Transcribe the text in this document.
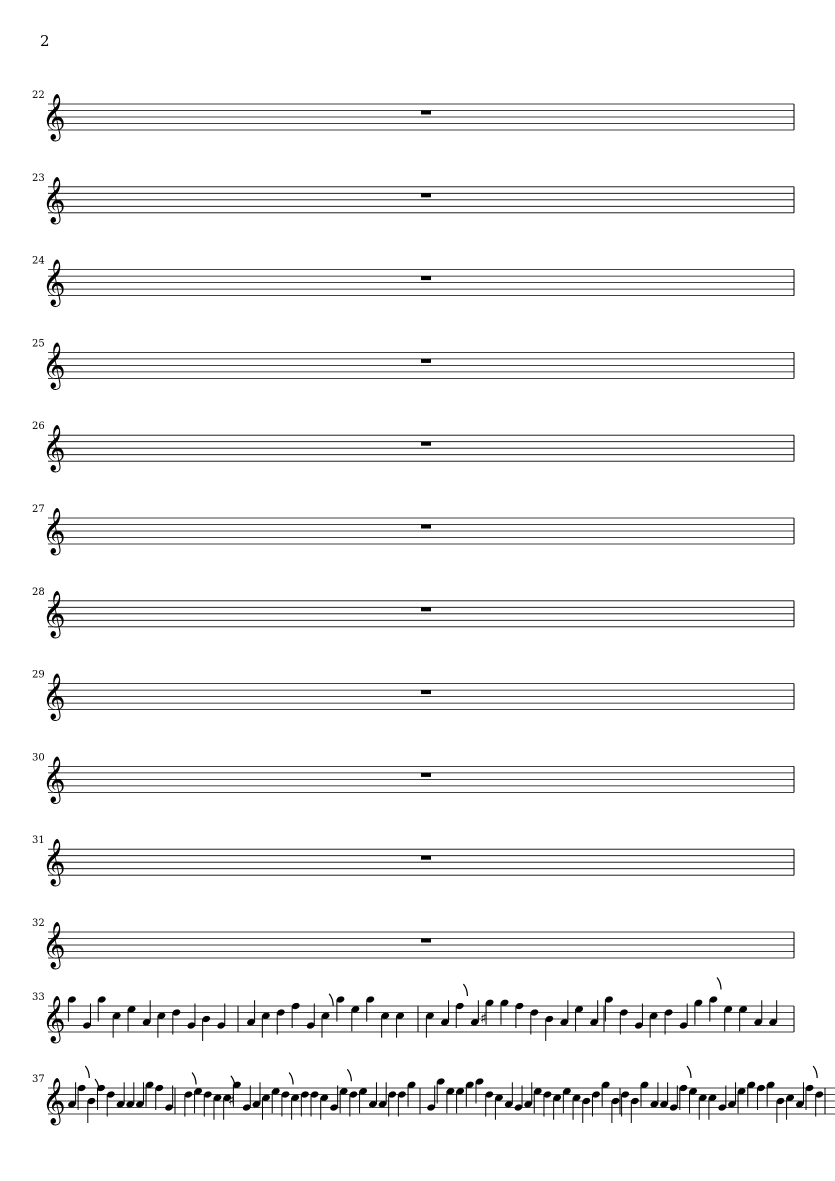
2
𝄞
22
𝄞
23
𝄞
24
𝄞
25
𝄞
26
𝄞
27
𝄞
28
𝄞
29
𝄞
30
𝄞
31
𝄞
32
𝄞
33
♯
𝄞
37
♯
